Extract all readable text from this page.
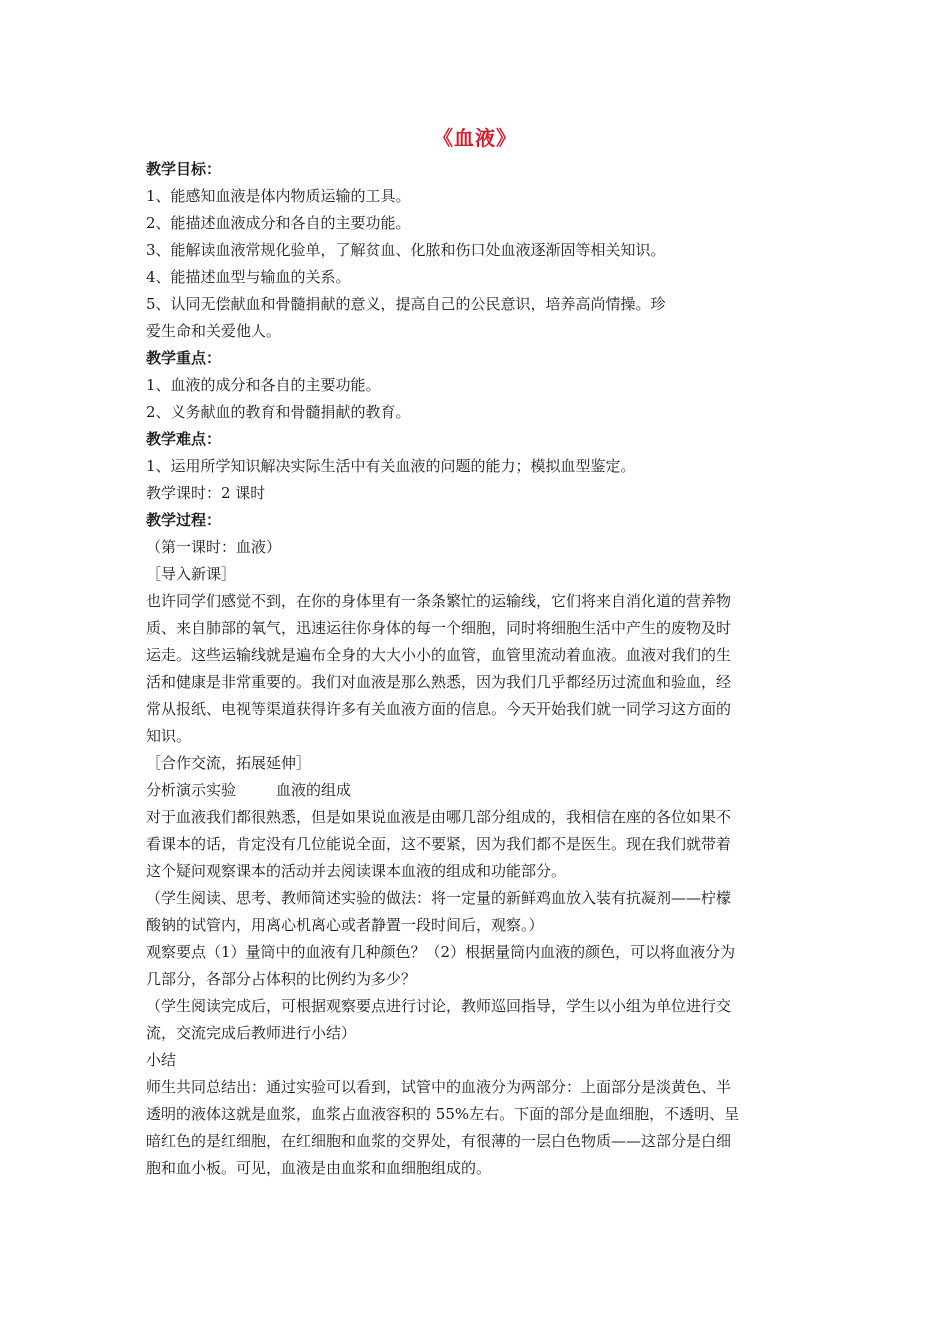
《血液》

教学目标：

1、能感知血液是体内物质运输的工具。

2、能描述血液成分和各自的主要功能。

3、能解读血液常规化验单，了解贫血、化脓和伤口处血液逐渐固等相关知识。

4、能描述血型与输血的关系。

5、认同无偿献血和骨髓捐献的意义，提高自己的公民意识，培养高尚情操。珍

爱生命和关爱他人。

教学重点：

1、血液的成分和各自的主要功能。

2、义务献血的教育和骨髓捐献的教育。

教学难点：

1、运用所学知识解决实际生活中有关血液的问题的能力；模拟血型鉴定。

教学课时：2 课时

教学过程：

（第一课时：血液）

［导入新课］

也许同学们感觉不到，在你的身体里有一条条繁忙的运输线，它们将来自消化道的营养物

质、来自肺部的氧气，迅速运往你身体的每一个细胞，同时将细胞生活中产生的废物及时

运走。这些运输线就是遍布全身的大大小小的血管，血管里流动着血液。血液对我们的生

活和健康是非常重要的。我们对血液是那么熟悉，因为我们几乎都经历过流血和验血，经

常从报纸、电视等渠道获得许多有关血液方面的信息。今天开始我们就一同学习这方面的

知识。

［合作交流，拓展延伸］

分析演示实验	血液的组成

对于血液我们都很熟悉，但是如果说血液是由哪几部分组成的，我相信在座的各位如果不

看课本的话，肯定没有几位能说全面，这不要紧，因为我们都不是医生。现在我们就带着

这个疑问观察课本的活动并去阅读课本血液的组成和功能部分。

（学生阅读、思考、教师简述实验的做法：将一定量的新鲜鸡血放入装有抗凝剂——柠檬

酸钠的试管内，用离心机离心或者静置一段时间后，观察。）

观察要点（1）量筒中的血液有几种颜色？（2）根据量筒内血液的颜色，可以将血液分为

几部分，各部分占体积的比例约为多少？

（学生阅读完成后，可根据观察要点进行讨论，教师巡回指导，学生以小组为单位进行交

流，交流完成后教师进行小结）

小结

师生共同总结出：通过实验可以看到，试管中的血液分为两部分：上面部分是淡黄色、半

透明的液体这就是血浆，血浆占血液容积的 55%左右。下面的部分是血细胞，不透明、呈

暗红色的是红细胞，在红细胞和血浆的交界处，有很薄的一层白色物质——这部分是白细

胞和血小板。可见，血液是由血浆和血细胞组成的。
